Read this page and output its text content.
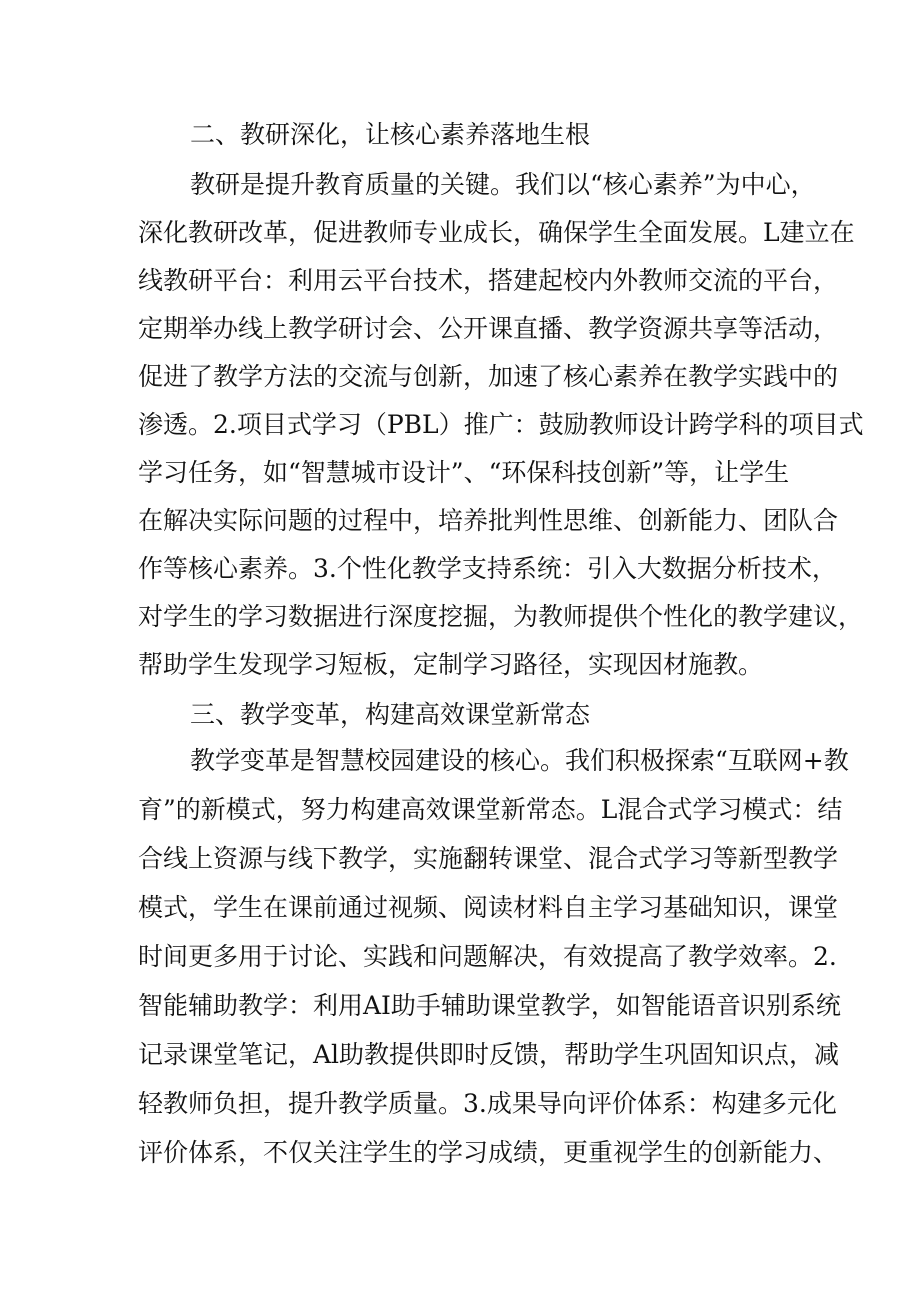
二、教研深化，让核心素养落地生根
教研是提升教育质量的关键。我们以“核心素养”为中心，
深化教研改革，促进教师专业成长，确保学生全面发展。L建立在
线教研平台：利用云平台技术，搭建起校内外教师交流的平台，
定期举办线上教学研讨会、公开课直播、教学资源共享等活动，
促进了教学方法的交流与创新，加速了核心素养在教学实践中的
渗透。2.项目式学习（PBL）推广：鼓励教师设计跨学科的项目式
学习任务，如“智慧城市设计”、“环保科技创新”等，让学生
在解决实际问题的过程中，培养批判性思维、创新能力、团队合
作等核心素养。3.个性化教学支持系统：引入大数据分析技术，
对学生的学习数据进行深度挖掘，为教师提供个性化的教学建议，
帮助学生发现学习短板，定制学习路径，实现因材施教。
三、教学变革，构建高效课堂新常态
教学变革是智慧校园建设的核心。我们积极探索“互联网+教
育”的新模式，努力构建高效课堂新常态。L混合式学习模式：结
合线上资源与线下教学，实施翻转课堂、混合式学习等新型教学
模式，学生在课前通过视频、阅读材料自主学习基础知识，课堂
时间更多用于讨论、实践和问题解决，有效提高了教学效率。2.
智能辅助教学：利用AI助手辅助课堂教学，如智能语音识别系统
记录课堂笔记，Al助教提供即时反馈，帮助学生巩固知识点，减
轻教师负担，提升教学质量。3.成果导向评价体系：构建多元化
评价体系，不仅关注学生的学习成绩，更重视学生的创新能力、
